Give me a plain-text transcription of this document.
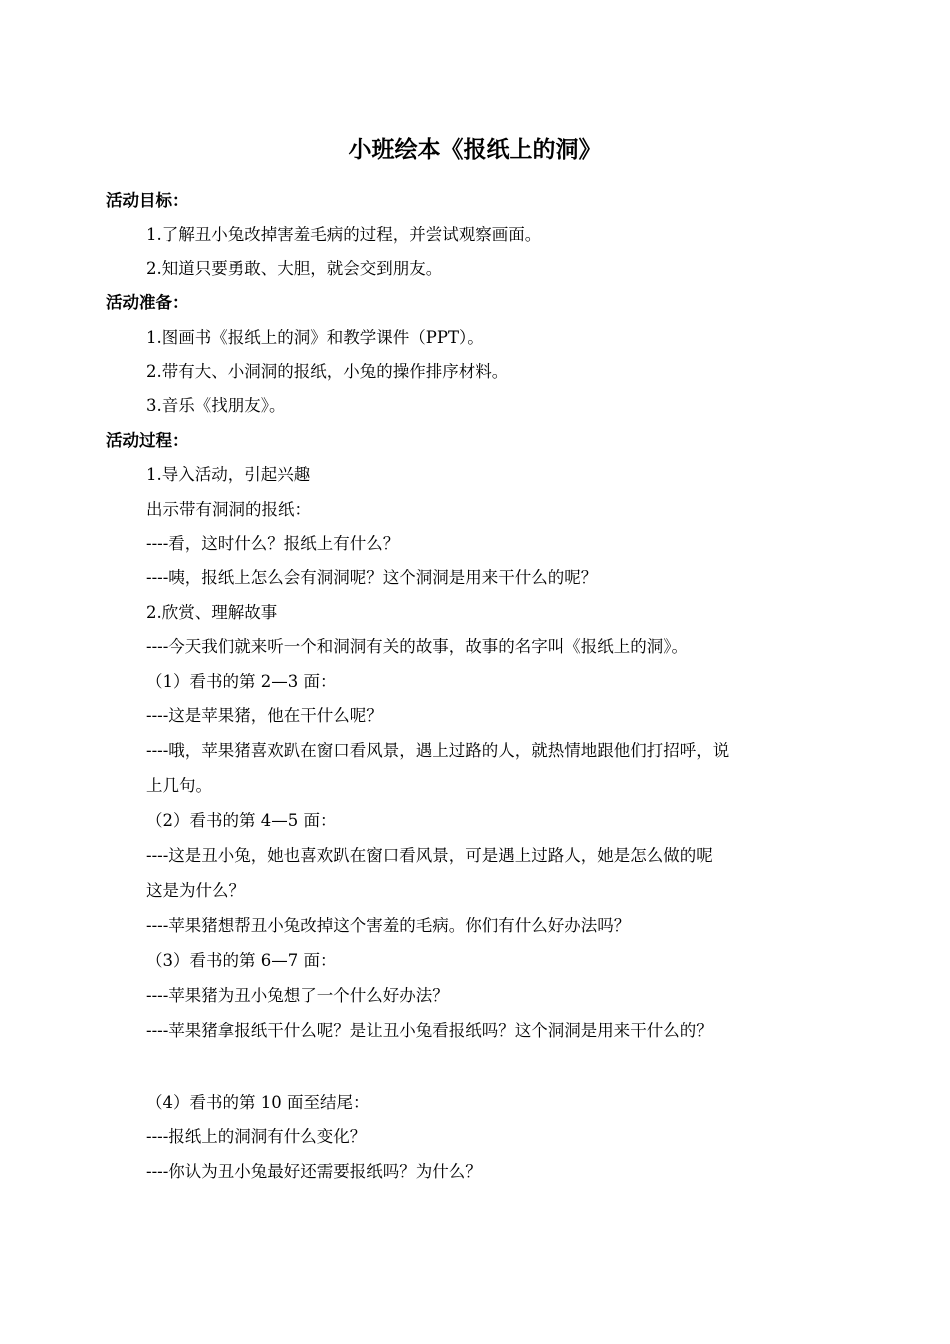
小班绘本《报纸上的洞》
活动目标：
1.了解丑小兔改掉害羞毛病的过程，并尝试观察画面。
2.知道只要勇敢、大胆，就会交到朋友。
活动准备：
1.图画书《报纸上的洞》和教学课件（PPT）。
2.带有大、小洞洞的报纸，小兔的操作排序材料。
3.音乐《找朋友》。
活动过程：
1.导入活动，引起兴趣
出示带有洞洞的报纸：
----看，这时什么？报纸上有什么？
----咦，报纸上怎么会有洞洞呢？这个洞洞是用来干什么的呢？
2.欣赏、理解故事
----今天我们就来听一个和洞洞有关的故事，故事的名字叫《报纸上的洞》。
（1）看书的第 2—3 面：
----这是苹果猪，他在干什么呢？
----哦，苹果猪喜欢趴在窗口看风景，遇上过路的人，就热情地跟他们打招呼，说
上几句。
（2）看书的第 4—5 面：
----这是丑小兔，她也喜欢趴在窗口看风景，可是遇上过路人，她是怎么做的呢
这是为什么？
----苹果猪想帮丑小兔改掉这个害羞的毛病。你们有什么好办法吗？
（3）看书的第 6—7 面：
----苹果猪为丑小兔想了一个什么好办法？
----苹果猪拿报纸干什么呢？是让丑小兔看报纸吗？这个洞洞是用来干什么的？
（4）看书的第 10 面至结尾：
----报纸上的洞洞有什么变化？
----你认为丑小兔最好还需要报纸吗？为什么？
